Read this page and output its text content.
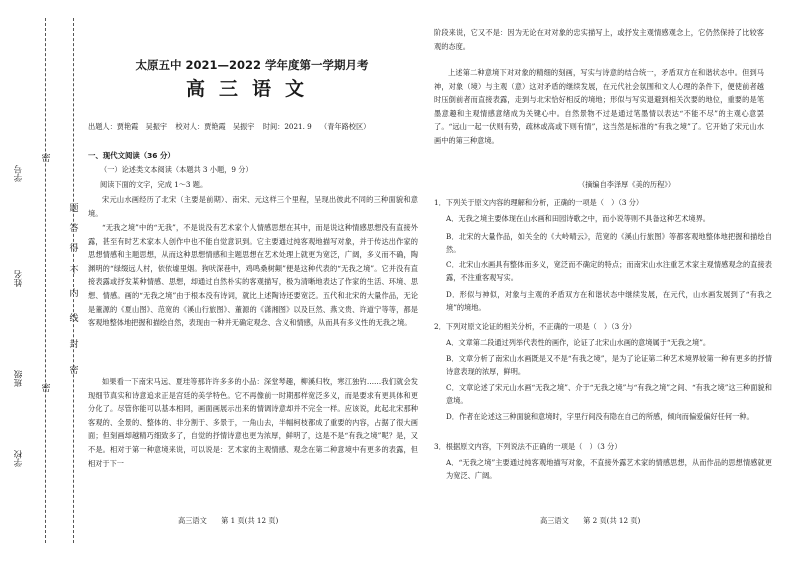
学号
姓名
班级
学校
密
密
题
答
得
不
内
线
封
密
太原五中 2021—2022 学年度第一学期月考
高三语文
出题人：贾艳霞　吴振宇 校对人：贾艳霞　吴振宇 时间：2021. 9 （青年路校区）
一、现代文阅读（36 分）
（一）论述类文本阅读（本题共 3 小题，9 分）
阅读下面的文字，完成 1～3 题。
宋元山水画经历了北宋（主要是前期）、南宋、元这样三个里程，呈现出彼此不同的三种面貌和意境。
“无我之境”中的“无我”，不是说没有艺术家个人情感思想在其中，而是说这种情感思想没有直接外露，甚至有时艺术家本人创作中也不能自觉意识到。它主要通过纯客观地描写对象，并于传达出作家的思想情感和主题思想，从而这种思想情感和主题思想在艺术处理上就更为宽泛，广阔，多义而不确，陶渊明的“绿缀远人村，依依墟里烟。狗吠深巷中，鸡鸣桑树颠”便是这种代表的“无我之境”。它并没有直接表露或抒发某种情感、思想，却通过自然朴实的客观描写，极为清晰地表达了作家的生活、环境、思想、情感。画的“无我之境”由于根本没有诗词，就比上述陶诗还要宽泛。五代和北宋的大量作品，无论是董源的《夏山图》、范宽的《溪山行旅图》、董源的《潇湘图》以及巨然、燕文贵、许道宁等等，都是客观地整体地把握和描绘自然，表现由一种并无确定观念、含义和情感，从而具有多义性的无我之境。
如果看一下南宋马远、夏珪等那许许多多的小品：深堂琴趣，柳溪归牧，寒江独钓……我们就会发现细节真实和诗意追求正是宫廷的美学特色。它不再像前一时期那样宽泛多义，而是要求有更具体和更分化了。尽管你能可以基本相同，画面画展示出来的情调诗意却并不完全一样。应该说，此起北宋那种客观的、全景的、整体的、非分割于、多景于，一角山去，半幅柯枝都成了重要的内容，占据了很大画面；但刻画却越精巧细致多了，自觉的抒情诗意也更为浓厚，鲜明了，这是不是“有我之境”呢？是，又不是。相对于第一种意境来说，可以说是：艺术家的主观情感、观念在第二种意境中有更多的表露，但相对于下一
高三语文　　第 1 页(共 12 页)
阶段来说，它又不是：因为无论在对对象的忠实描写上，或抒发主观情感观念上，它仍然保持了比较客观的态度。
上述第二种意境下对对象的精细的刻画，写实与诗意的结合统一，矛盾双方在和谐状态中。但到马神，对象（境）与主观（意）这对矛盾的继续发展，在元代社会氛围和文人心理的条件下，便使前者越时压倒前者而直接表露，走到与北宋恰好相反的境地；形似与写实退避到相关次要的地位，重要的是笔墨意趣和主观情感意绪成为关键心中。自然景物不过是通过笔墨情以表达“不能不尽”的主观心意罢了。“远山一起一伏则有势，疏林或高或下则有情”，这当然是标准的“有我之境”了。它开始了宋元山水画中的第三种意境。
（摘编自李泽厚《美的历程》）
1．下列关于原文内容的理解和分析，正确的一项是（　）（3 分）
A．无我之境主要体现在山水画和田园诗歌之中，而小说等则不具备这种艺术境界。
B．北宋的大量作品，如关全的《大岭晴云》，范宽的《溪山行旅图》等都客观地整体地把握和描绘自然。
C．北宋山水画具有整体而多义，宽泛而不确定的特点；而南宋山水注重艺术家主观情感观念的直接表露，不注重客观写实。
D．形似与神似，对象与主观的矛盾双方在和谐状态中继续发展，在元代，山水画发展到了“有我之境”的境地。
2．下列对原文论证的相关分析，不正确的一项是（　）（3 分）
A．文章第二段通过列举代表性的画作，论证了北宋山水画的意境属于“无我之境”。
B．文章分析了南宋山水画既是又不是“有我之境”，是为了论证第二种艺术境界较第一种有更多的抒情诗意表现的浓厚，鲜明。
C．文章论述了宋元山水画“无我之境”、介于“无我之境”与“有我之境”之间、“有我之境”这三种面貌和意境。
D．作者在论述这三种面貌和意境时，字里行间没有隐在自己的所感，倾向而偏爱偏好任何一种。
3．根据原文内容，下列说法不正确的一项是（　）（3 分）
A．“无我之境”主要通过纯客观地描写对象，不直接外露艺术家的情感思想，从而作品的思想情感就更为宽泛、广阔。
高三语文　　第 2 页(共 12 页)
